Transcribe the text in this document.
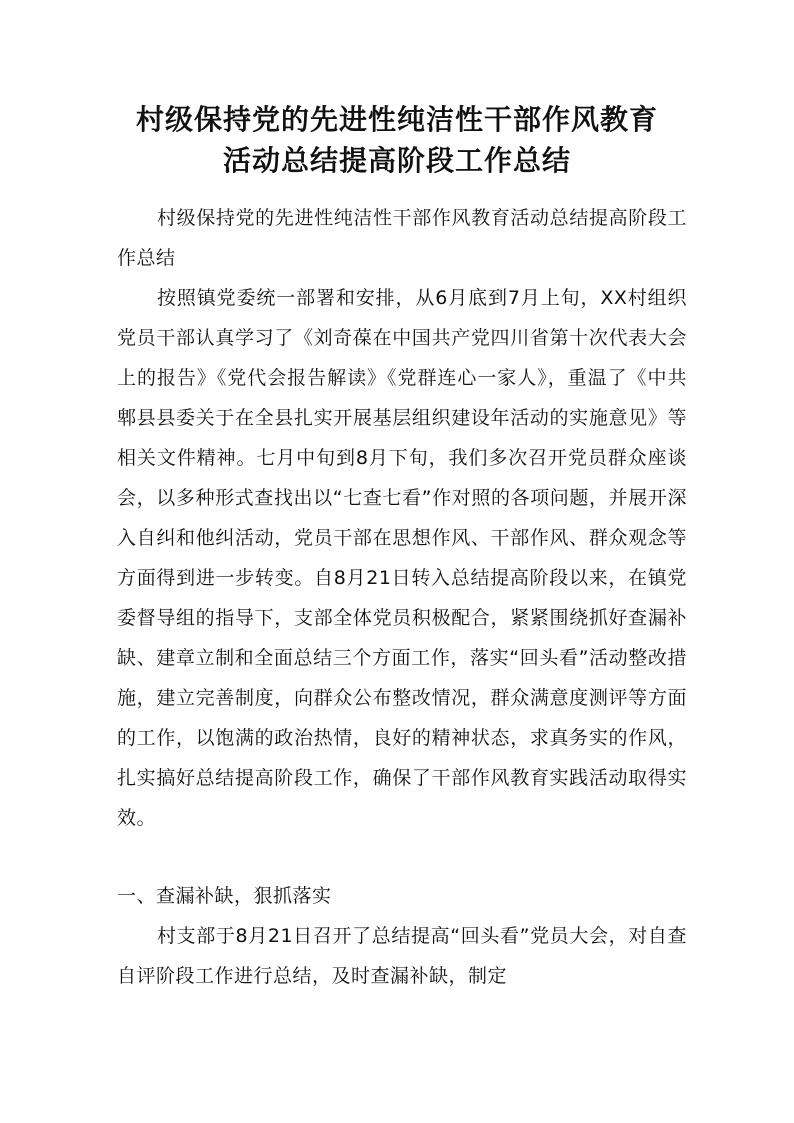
村级保持党的先进性纯洁性干部作风教育
活动总结提高阶段工作总结

村级保持党的先进性纯洁性干部作风教育活动总结提高阶段工作总结

按照镇党委统一部署和安排，从6月底到7月上旬，XX村组织党员干部认真学习了《刘奇葆在中国共产党四川省第十次代表大会上的报告》《党代会报告解读》《党群连心一家人》，重温了《中共郫县县委关于在全县扎实开展基层组织建设年活动的实施意见》等相关文件精神。七月中旬到8月下旬，我们多次召开党员群众座谈会，以多种形式查找出以“七查七看”作对照的各项问题，并展开深入自纠和他纠活动，党员干部在思想作风、干部作风、群众观念等方面得到进一步转变。自8月21日转入总结提高阶段以来，在镇党委督导组的指导下，支部全体党员积极配合，紧紧围绕抓好查漏补缺、建章立制和全面总结三个方面工作，落实“回头看”活动整改措施，建立完善制度，向群众公布整改情况，群众满意度测评等方面的工作，以饱满的政治热情，良好的精神状态，求真务实的作风，扎实搞好总结提高阶段工作，确保了干部作风教育实践活动取得实效。

一、查漏补缺，狠抓落实

村支部于8月21日召开了总结提高“回头看”党员大会，对自查自评阶段工作进行总结，及时查漏补缺，制定
